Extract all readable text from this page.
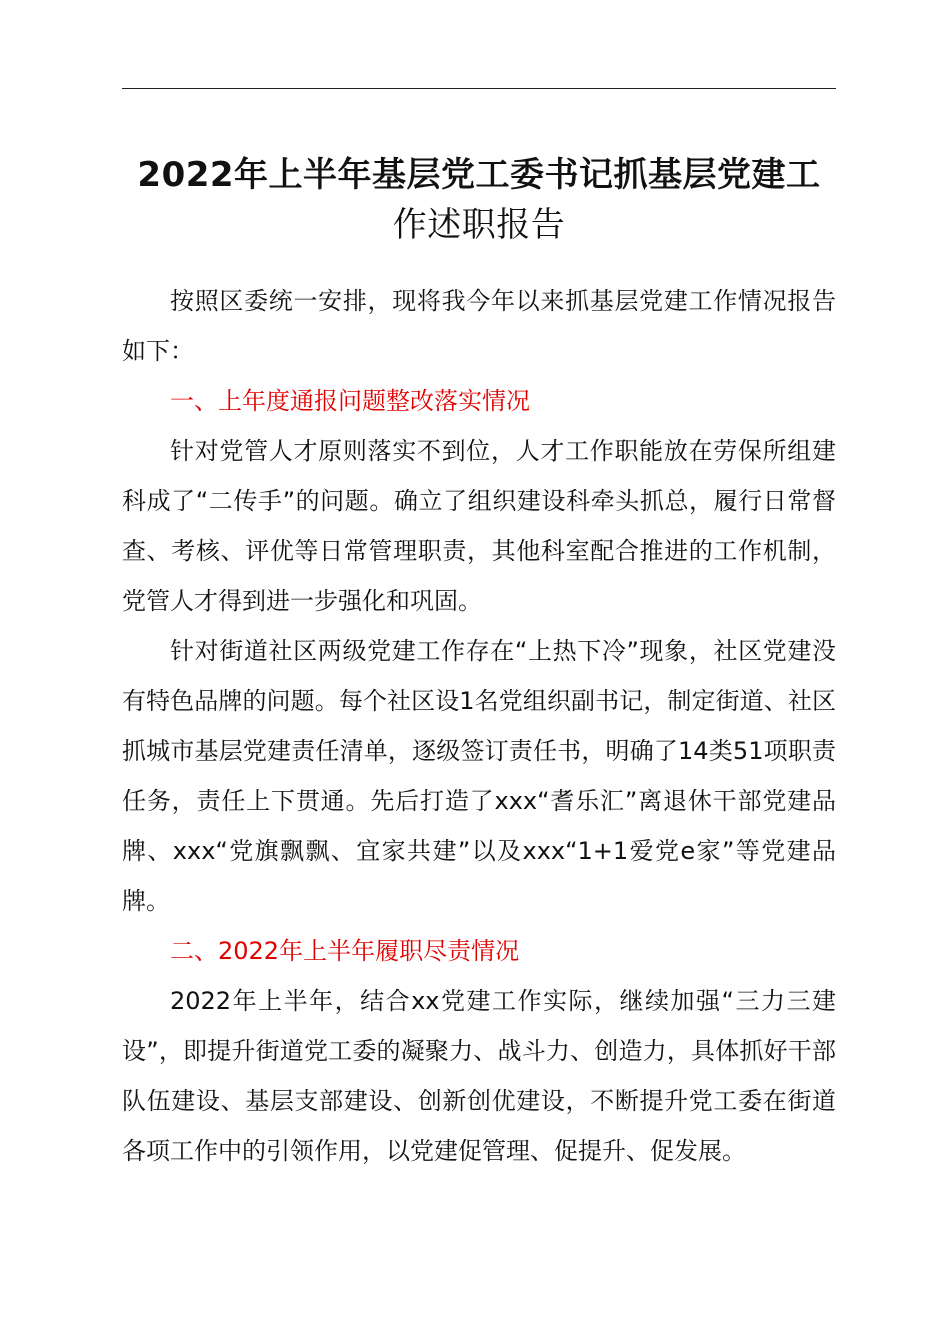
2022年上半年基层党工委书记抓基层党建工
作述职报告

按照区委统一安排，现将我今年以来抓基层党建工作情况报告如下：

一、上年度通报问题整改落实情况

针对党管人才原则落实不到位，人才工作职能放在劳保所组建科成了“二传手”的问题。确立了组织建设科牵头抓总，履行日常督查、考核、评优等日常管理职责，其他科室配合推进的工作机制，党管人才得到进一步强化和巩固。

针对街道社区两级党建工作存在“上热下冷”现象，社区党建没有特色品牌的问题。每个社区设1名党组织副书记，制定街道、社区抓城市基层党建责任清单，逐级签订责任书，明确了14类51项职责任务，责任上下贯通。先后打造了xxx“耆乐汇”离退休干部党建品牌、xxx“党旗飘飘、宜家共建”以及xxx“1+1爱党e家”等党建品牌。

二、2022年上半年履职尽责情况

2022年上半年，结合xx党建工作实际，继续加强“三力三建设”，即提升街道党工委的凝聚力、战斗力、创造力，具体抓好干部队伍建设、基层支部建设、创新创优建设，不断提升党工委在街道各项工作中的引领作用，以党建促管理、促提升、促发展。
